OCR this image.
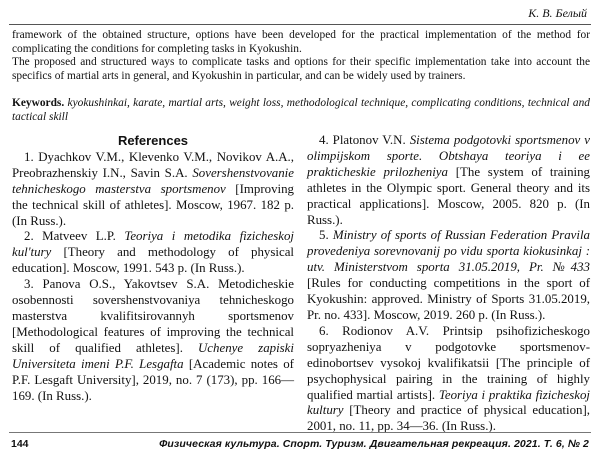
К. В. Белый

framework of the obtained structure, options have been developed for the practical implementation of the method for complicating the conditions for completing tasks in Kyokushin.

The proposed and structured ways to complicate tasks and options for their specific implementation take into account the specifics of martial arts in general, and Kyokushin in particular, and can be widely used by trainers.

Keywords. kyokushinkai, karate, martial arts, weight loss, methodological technique, complicating conditions, technical and tactical skill
References

1. Dyachkov V.M., Klevenko V.M., Novikov A.A., Preobrazhenskiy I.N., Savin S.A. Sovershenstvovanie tehnicheskogo masterstva sportsmenov [Improving the technical skill of athletes]. Moscow, 1967. 182 p. (In Russ.).

2. Matveev L.P. Teoriya i metodika fizicheskoj kul'tury [Theory and methodology of physical education]. Moscow, 1991. 543 p. (In Russ.).

3. Panova O.S., Yakovtsev S.A. Metodicheskie osobennosti sovershenstvovaniya tehnicheskogo masterstva kvalifitsirovannyh sportsmenov [Methodological features of improving the technical skill of qualified athletes]. Uchenye zapiski Universiteta imeni P.F. Lesgafta [Academic notes of P.F. Lesgaft University], 2019, no. 7 (173), pp. 166—169. (In Russ.).

4. Platonov V.N. Sistema podgotovki sportsmenov v olimpijskom sporte. Obtshaya teoriya i ee prakticheskie prilozheniya [The system of training athletes in the Olympic sport. General theory and its practical applications]. Moscow, 2005. 820 p. (In Russ.).

5. Ministry of sports of Russian Federation Pravila provedeniya sorevnovanij po vidu sporta kiokusinkaj : utv. Ministerstvom sporta 31.05.2019, Pr. №433 [Rules for conducting competitions in the sport of Kyokushin: approved. Ministry of Sports 31.05.2019, Pr. no. 433]. Moscow, 2019. 260 p. (In Russ.).

6. Rodionov A.V. Printsip psihofizicheskogo sopryazheniya v podgotovke sportsmenov-edinobortsev vysokoj kvalifikatsii [The principle of psychophysical pairing in the training of highly qualified martial artists]. Teoriya i praktika fizicheskoj kultury [Theory and practice of physical education], 2001, no. 11, pp. 34—36. (In Russ.).

144	Физическая культура. Спорт. Туризм. Двигательная рекреация. 2021. Т. 6, № 2
